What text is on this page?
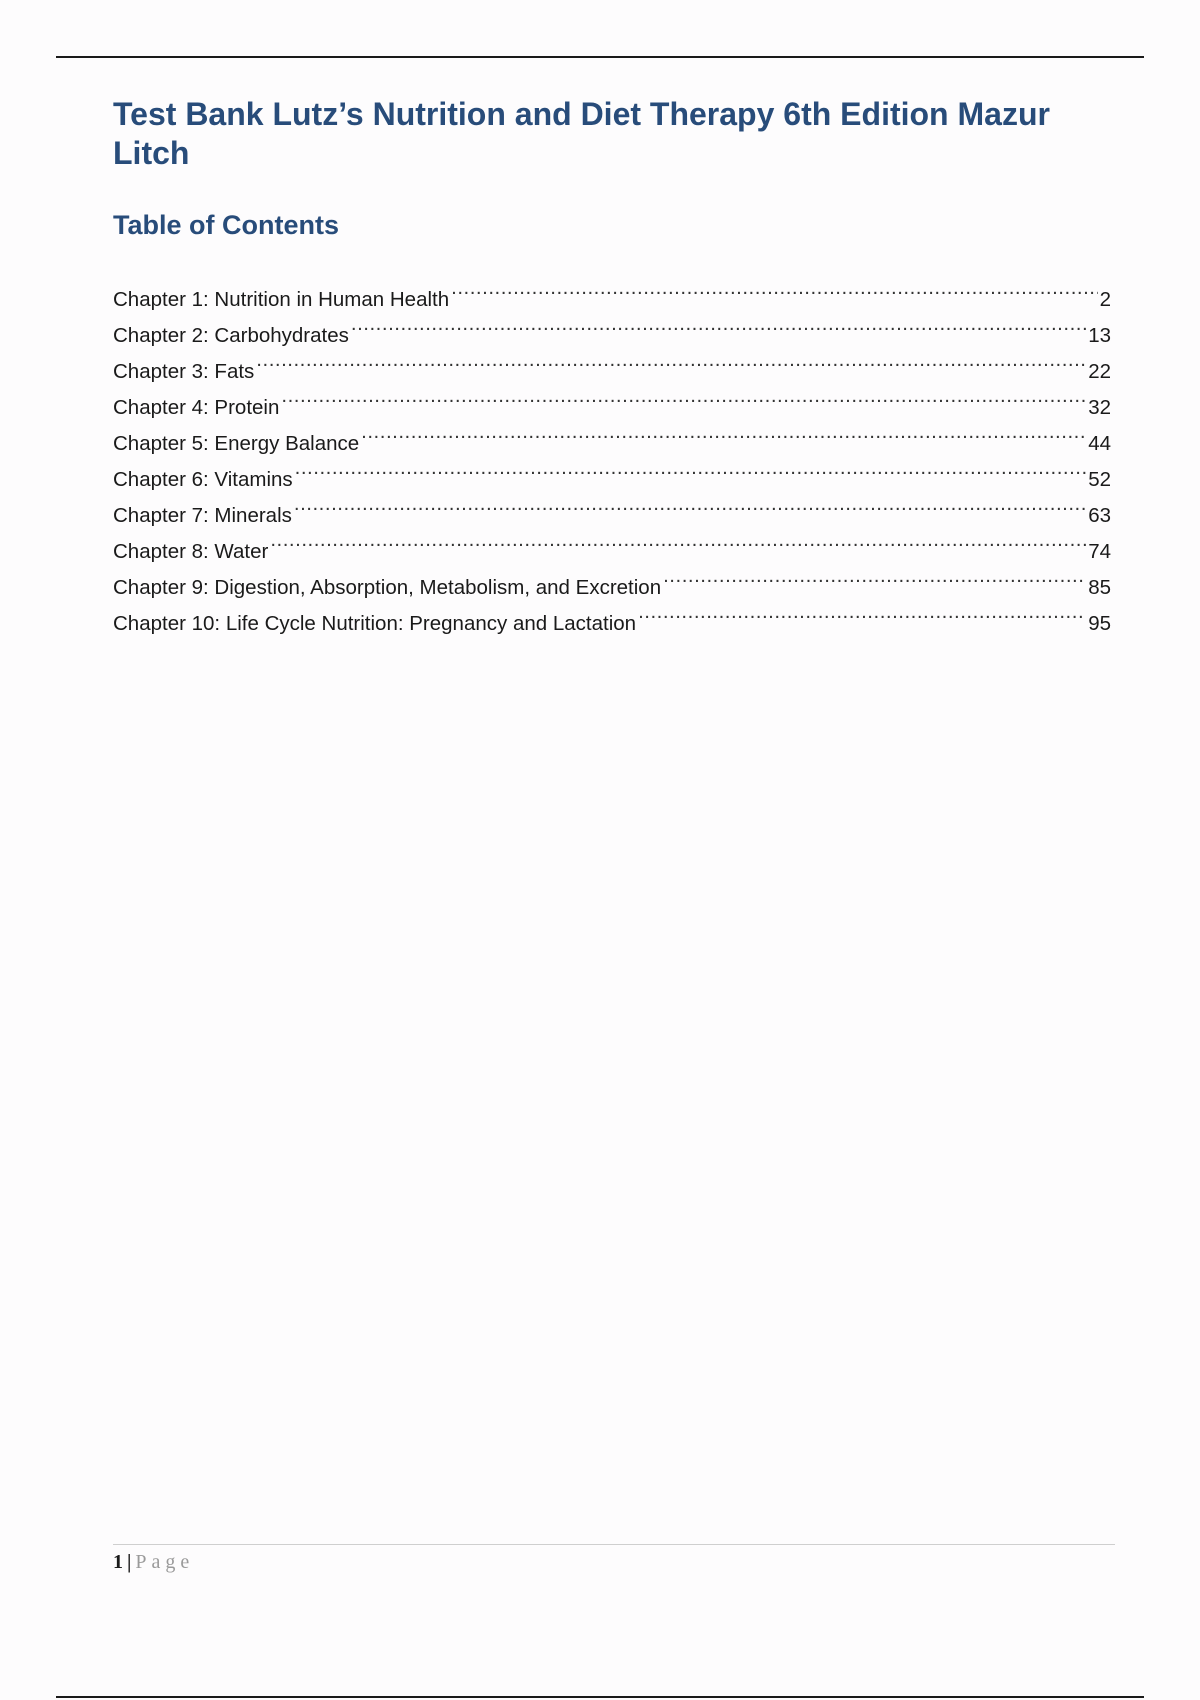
Test Bank Lutz’s Nutrition and Diet Therapy 6th Edition Mazur Litch
Table of Contents
Chapter 1: Nutrition in Human Health .....	2
Chapter 2: Carbohydrates .....	13
Chapter 3: Fats .....	22
Chapter 4: Protein .....	32
Chapter 5: Energy Balance .....	44
Chapter 6: Vitamins .....	52
Chapter 7: Minerals .....	63
Chapter 8: Water .....	74
Chapter 9: Digestion, Absorption, Metabolism, and Excretion .....	85
Chapter 10: Life Cycle Nutrition: Pregnancy and Lactation .....	95
1 | Page
